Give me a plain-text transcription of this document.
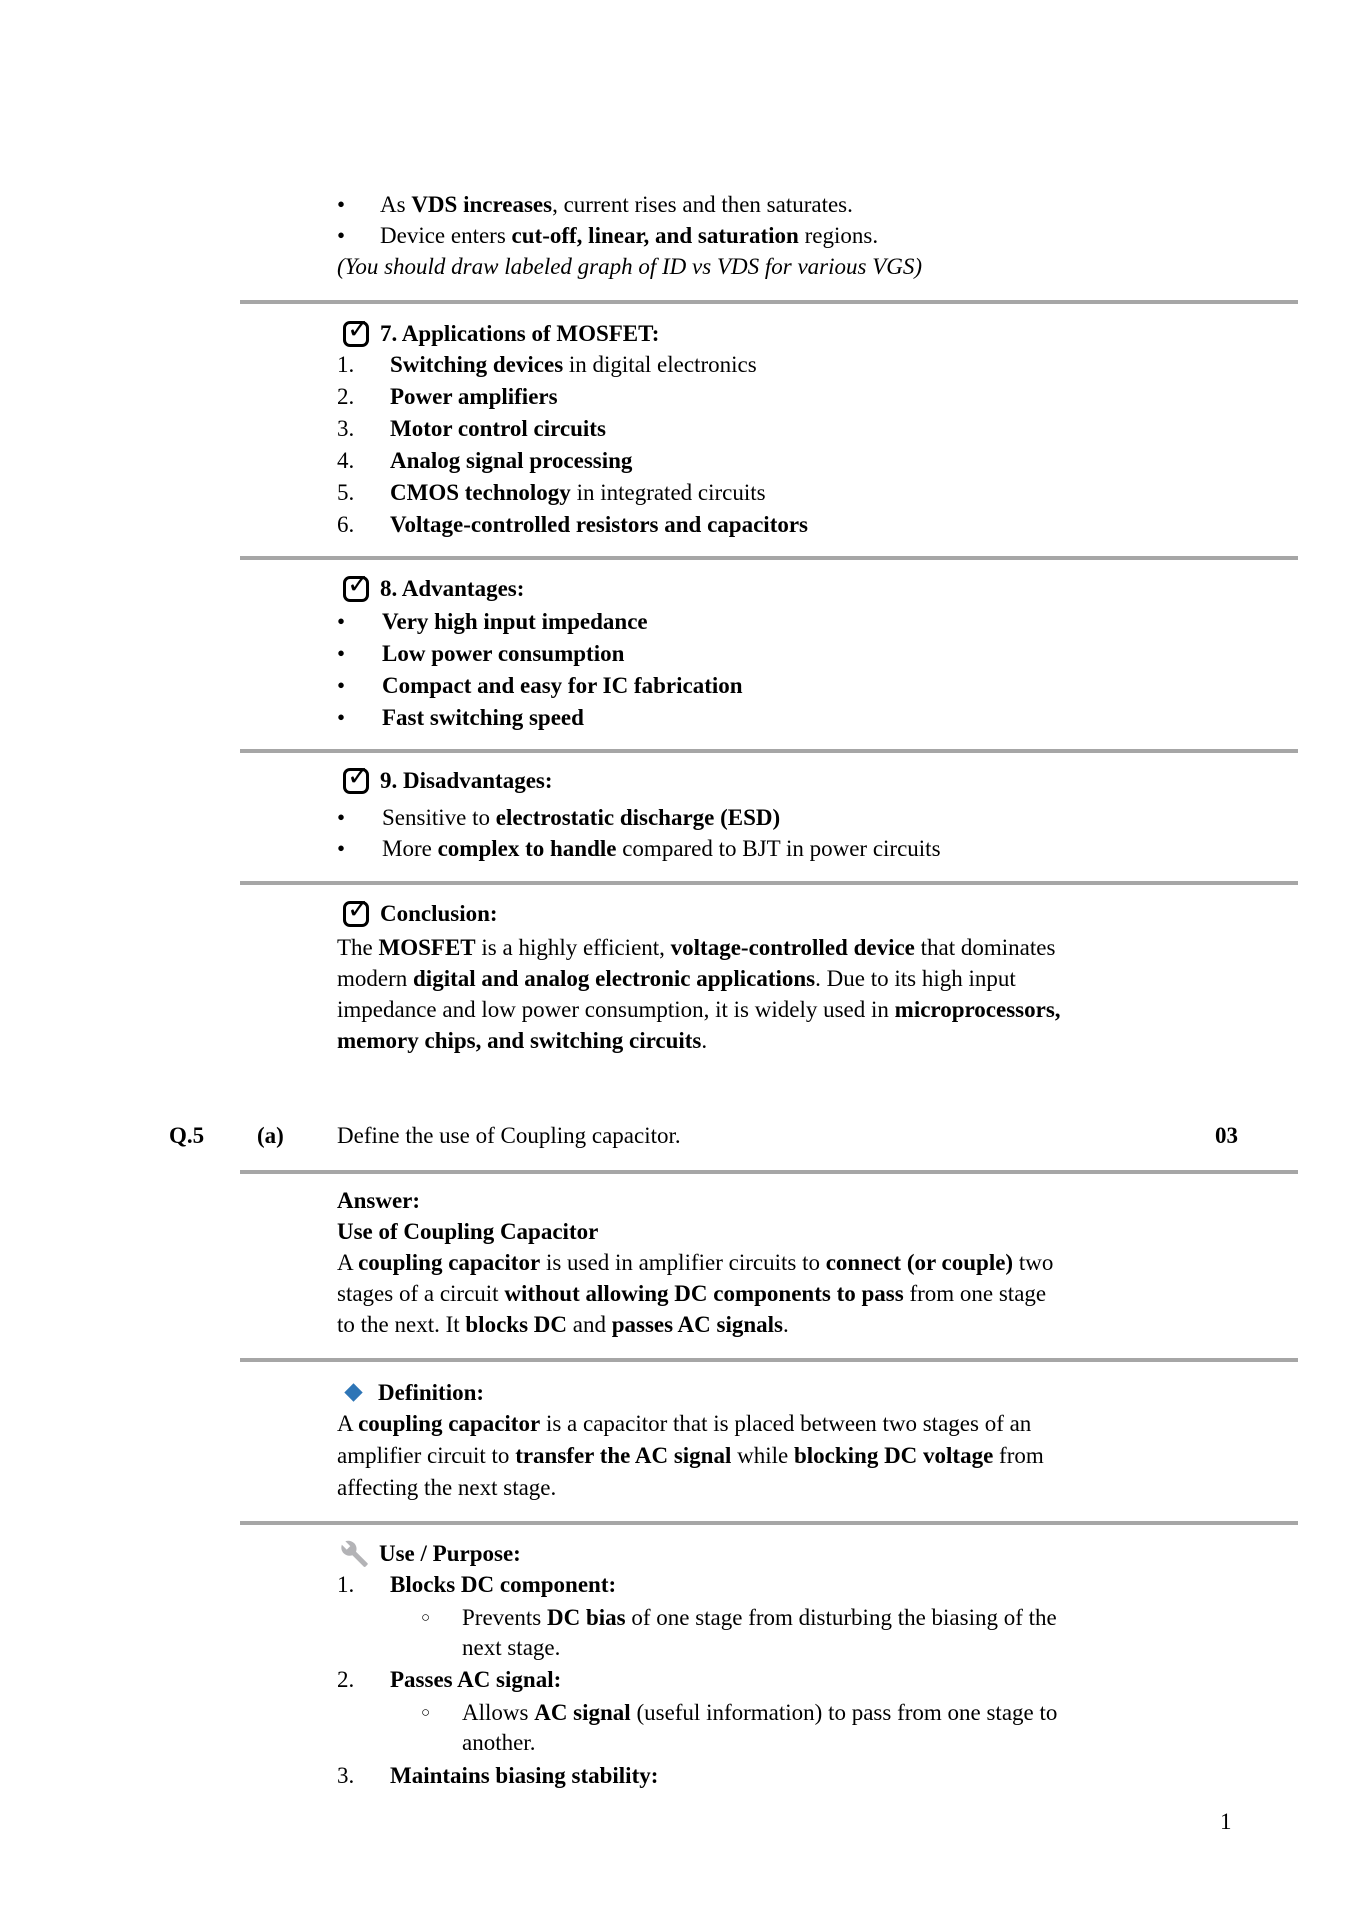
•	As VDS increases, current rises and then saturates.
•	Device enters cut-off, linear, and saturation regions.
(You should draw labeled graph of ID vs VDS for various VGS)
✓
7. Applications of MOSFET:
1.	Switching devices in digital electronics
2.	Power amplifiers
3.	Motor control circuits
4.	Analog signal processing
5.	CMOS technology in integrated circuits
6.	Voltage-controlled resistors and capacitors
✓
8. Advantages:
•	Very high input impedance
•	Low power consumption
•	Compact and easy for IC fabrication
•	Fast switching speed
✓
9. Disadvantages:
•	Sensitive to electrostatic discharge (ESD)
•	More complex to handle compared to BJT in power circuits
✓
Conclusion:
The MOSFET is a highly efficient, voltage-controlled device that dominates
modern digital and analog electronic applications. Due to its high input
impedance and low power consumption, it is widely used in microprocessors,
memory chips, and switching circuits.
Q.5 (a) Define the use of Coupling capacitor.	03
Answer:
Use of Coupling Capacitor
A coupling capacitor is used in amplifier circuits to connect (or couple) two
stages of a circuit without allowing DC components to pass from one stage
to the next. It blocks DC and passes AC signals.
Definition:
A coupling capacitor is a capacitor that is placed between two stages of an
amplifier circuit to transfer the AC signal while blocking DC voltage from
affecting the next stage.
Use / Purpose:
1.	Blocks DC component:
○	Prevents DC bias of one stage from disturbing the biasing of the
next stage.
2.	Passes AC signal:
○	Allows AC signal (useful information) to pass from one stage to
another.
3.	Maintains biasing stability:
1
